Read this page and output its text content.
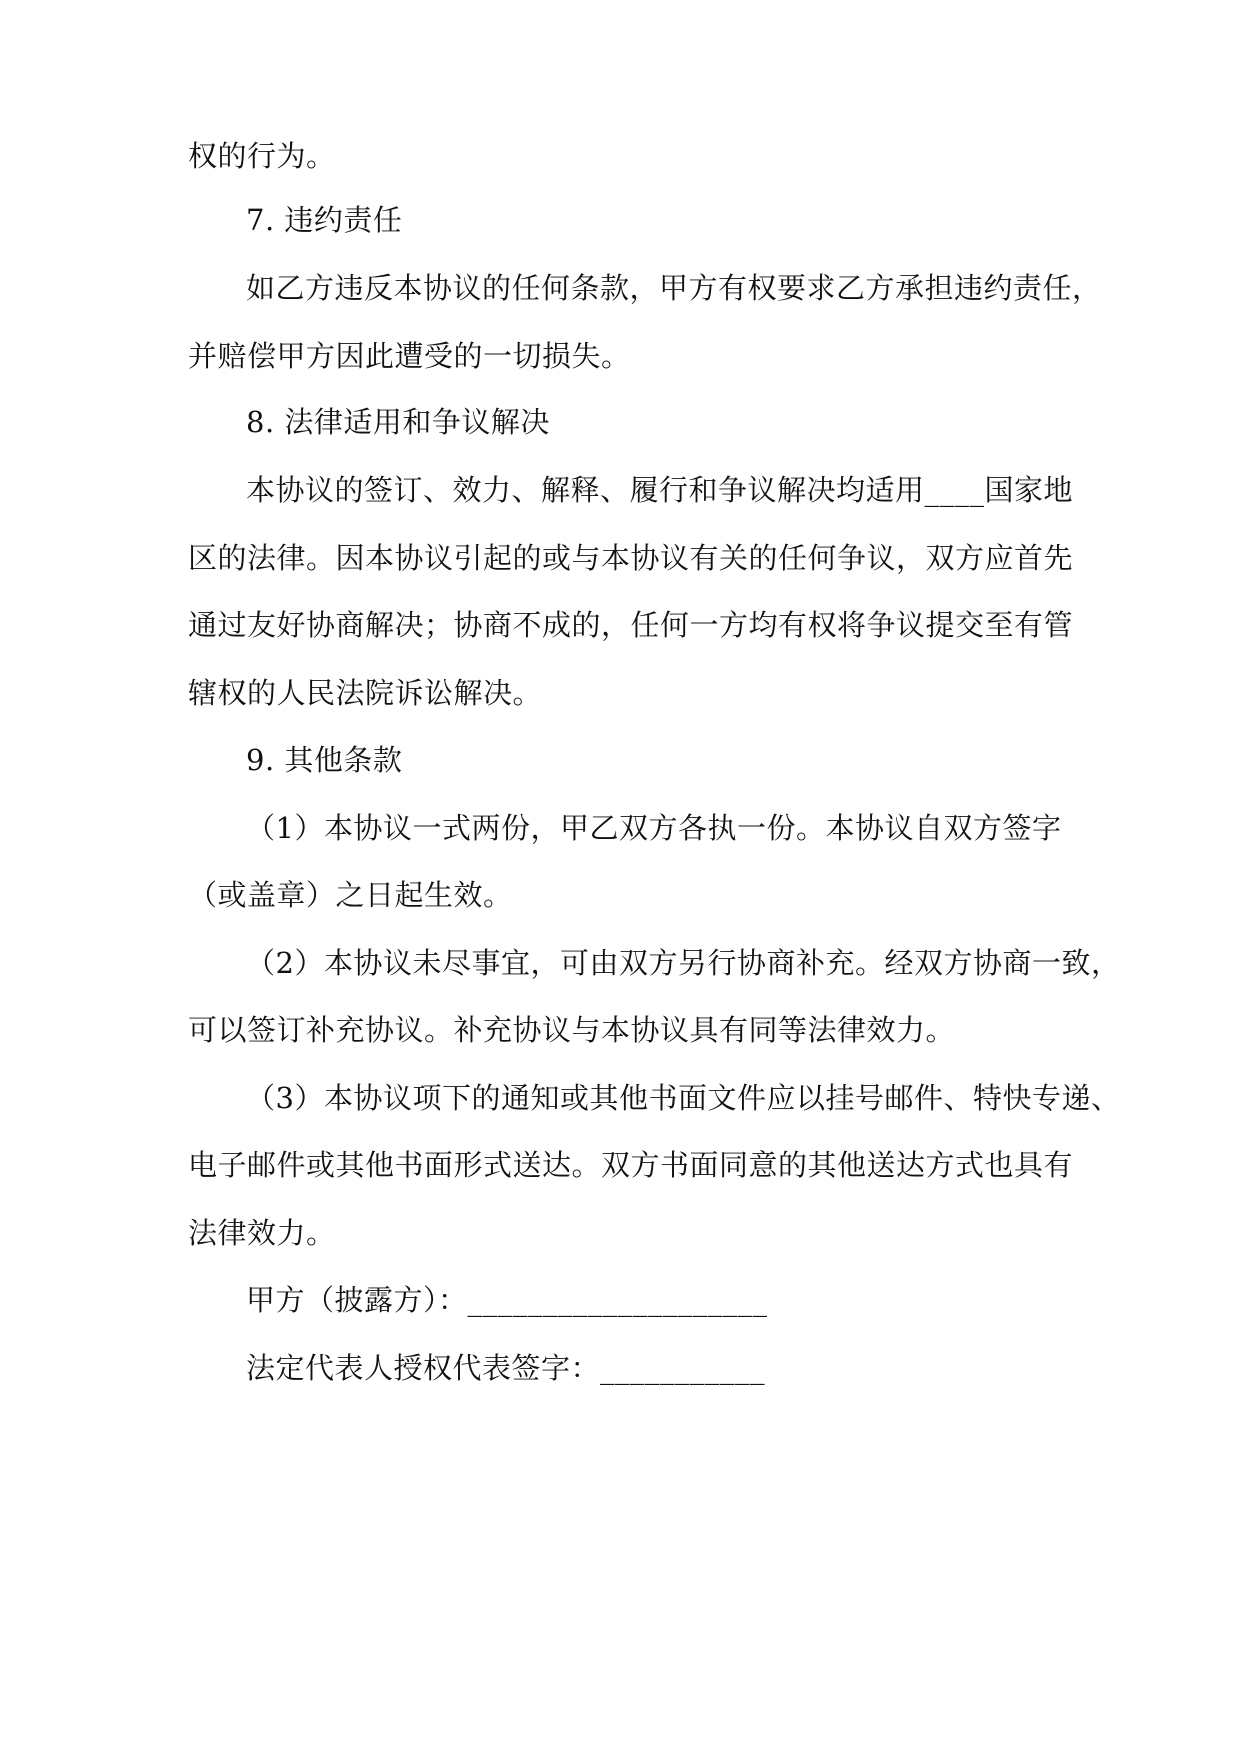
权的行为。
7. 违约责任
如乙方违反本协议的任何条款，甲方有权要求乙方承担违约责任，
并赔偿甲方因此遭受的一切损失。
8. 法律适用和争议解决
本协议的签订、效力、解释、履行和争议解决均适用____国家地
区的法律。因本协议引起的或与本协议有关的任何争议，双方应首先
通过友好协商解决；协商不成的，任何一方均有权将争议提交至有管
辖权的人民法院诉讼解决。
9. 其他条款
（1）本协议一式两份，甲乙双方各执一份。本协议自双方签字
（或盖章）之日起生效。
（2）本协议未尽事宜，可由双方另行协商补充。经双方协商一致，
可以签订补充协议。补充协议与本协议具有同等法律效力。
（3）本协议项下的通知或其他书面文件应以挂号邮件、特快专递、
电子邮件或其他书面形式送达。双方书面同意的其他送达方式也具有
法律效力。
甲方（披露方）：____________________
法定代表人授权代表签字：___________
